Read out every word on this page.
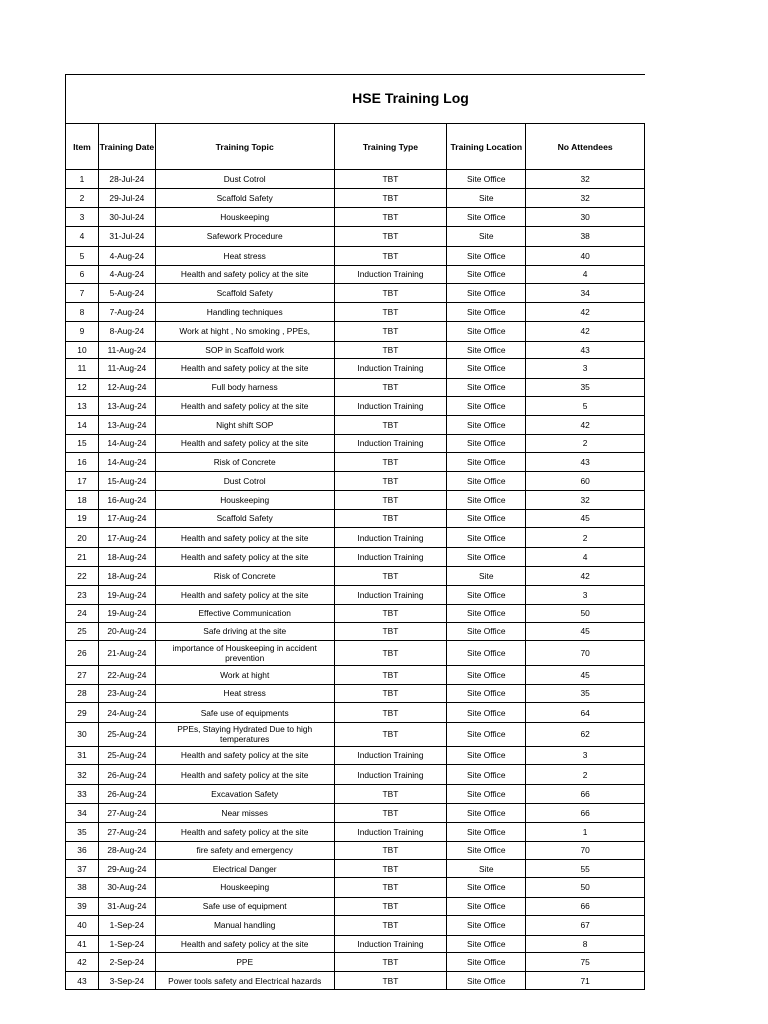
HSE Training Log
Item	Training Date	Training Topic	Training Type	Training Location	No Attendees
1	28-Jul-24	Dust Cotrol	TBT	Site Office	32
2	29-Jul-24	Scaffold Safety	TBT	Site	32
3	30-Jul-24	Houskeeping	TBT	Site Office	30
4	31-Jul-24	Safework Procedure	TBT	Site	38
5	4-Aug-24	Heat stress	TBT	Site Office	40
6	4-Aug-24	Health and safety policy at the site	Induction Training	Site Office	4
7	5-Aug-24	Scaffold Safety	TBT	Site Office	34
8	7-Aug-24	Handling techniques	TBT	Site Office	42
9	8-Aug-24	Work at hight , No smoking , PPEs,	TBT	Site Office	42
10	11-Aug-24	SOP in Scaffold work	TBT	Site Office	43
11	11-Aug-24	Health and safety policy at the site	Induction Training	Site Office	3
12	12-Aug-24	Full body harness	TBT	Site Office	35
13	13-Aug-24	Health and safety policy at the site	Induction Training	Site Office	5
14	13-Aug-24	Night shift SOP	TBT	Site Office	42
15	14-Aug-24	Health and safety policy at the site	Induction Training	Site Office	2
16	14-Aug-24	Risk of Concrete	TBT	Site Office	43
17	15-Aug-24	Dust Cotrol	TBT	Site Office	60
18	16-Aug-24	Houskeeping	TBT	Site Office	32
19	17-Aug-24	Scaffold Safety	TBT	Site Office	45
20	17-Aug-24	Health and safety policy at the site	Induction Training	Site Office	2
21	18-Aug-24	Health and safety policy at the site	Induction Training	Site Office	4
22	18-Aug-24	Risk of Concrete	TBT	Site	42
23	19-Aug-24	Health and safety policy at the site	Induction Training	Site Office	3
24	19-Aug-24	Effective Communication	TBT	Site Office	50
25	20-Aug-24	Safe driving at the site	TBT	Site Office	45
26	21-Aug-24	importance of Houskeeping in accident prevention	TBT	Site Office	70
27	22-Aug-24	Work at hight	TBT	Site Office	45
28	23-Aug-24	Heat stress	TBT	Site Office	35
29	24-Aug-24	Safe use of equipments	TBT	Site Office	64
30	25-Aug-24	PPEs, Staying Hydrated Due to high temperatures	TBT	Site Office	62
31	25-Aug-24	Health and safety policy at the site	Induction Training	Site Office	3
32	26-Aug-24	Health and safety policy at the site	Induction Training	Site Office	2
33	26-Aug-24	Excavation Safety	TBT	Site Office	66
34	27-Aug-24	Near misses	TBT	Site Office	66
35	27-Aug-24	Health and safety policy at the site	Induction Training	Site Office	1
36	28-Aug-24	fire safety and emergency	TBT	Site Office	70
37	29-Aug-24	Electrical Danger	TBT	Site	55
38	30-Aug-24	Houskeeping	TBT	Site Office	50
39	31-Aug-24	Safe use of equipment	TBT	Site Office	66
40	1-Sep-24	Manual handling	TBT	Site Office	67
41	1-Sep-24	Health and safety policy at the site	Induction Training	Site Office	8
42	2-Sep-24	PPE	TBT	Site Office	75
43	3-Sep-24	Power tools safety and Electrical hazards	TBT	Site Office	71
